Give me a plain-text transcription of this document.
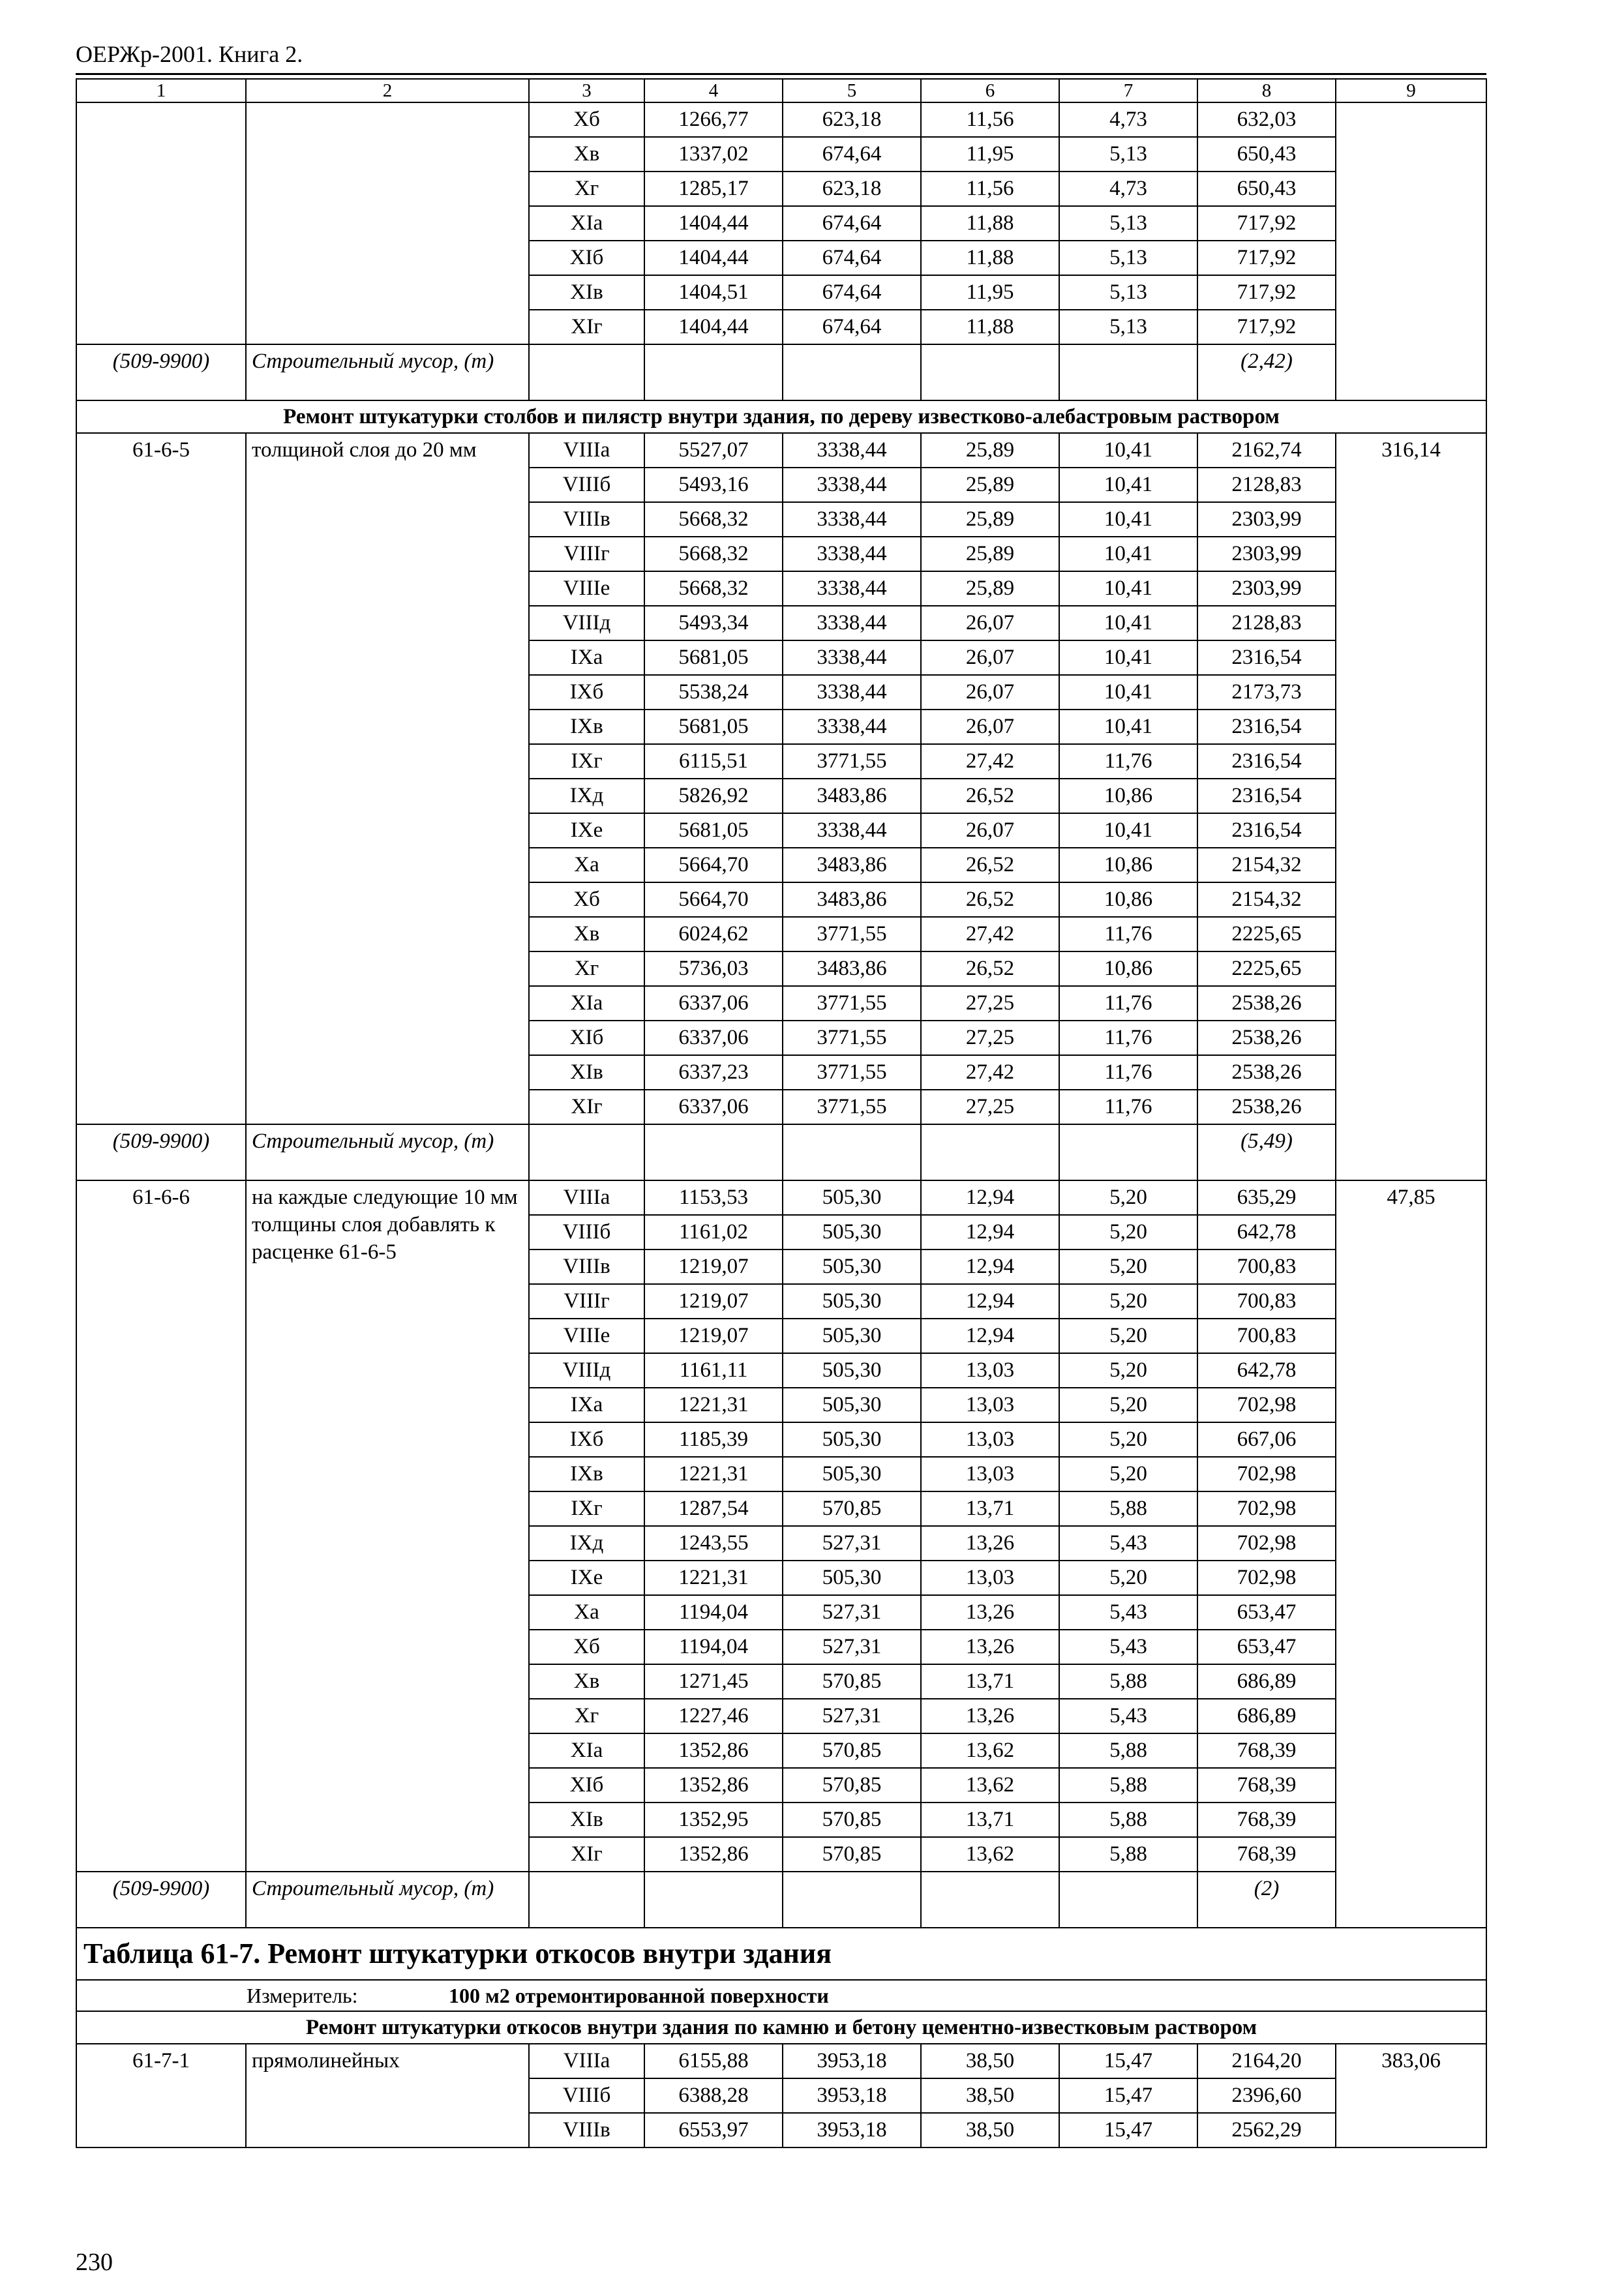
ОЕРЖр-2001. Книга 2.
1	2	3	4	5	6	7	8	9
		Хб	1266,77	623,18	11,56	4,73	632,03	
		Хв	1337,02	674,64	11,95	5,13	650,43	
		Хг	1285,17	623,18	11,56	4,73	650,43	
		ХIа	1404,44	674,64	11,88	5,13	717,92	
		ХIб	1404,44	674,64	11,88	5,13	717,92	
		ХIв	1404,51	674,64	11,95	5,13	717,92	
		ХIг	1404,44	674,64	11,88	5,13	717,92	
(509-9900)	Строительный мусор, (т)						(2,42)	
Ремонт штукатурки столбов и пилястр внутри здания, по дереву известково-алебастровым раствором								
61-6-5	толщиной слоя до 20 мм	VIIIа	5527,07	3338,44	25,89	10,41	2162,74	316,14
		VIIIб	5493,16	3338,44	25,89	10,41	2128,83	
		VIIIв	5668,32	3338,44	25,89	10,41	2303,99	
		VIIIг	5668,32	3338,44	25,89	10,41	2303,99	
		VIIIе	5668,32	3338,44	25,89	10,41	2303,99	
		VIIIд	5493,34	3338,44	26,07	10,41	2128,83	
		IХа	5681,05	3338,44	26,07	10,41	2316,54	
		IХб	5538,24	3338,44	26,07	10,41	2173,73	
		IХв	5681,05	3338,44	26,07	10,41	2316,54	
		IХг	6115,51	3771,55	27,42	11,76	2316,54	
		IХд	5826,92	3483,86	26,52	10,86	2316,54	
		IХе	5681,05	3338,44	26,07	10,41	2316,54	
		Ха	5664,70	3483,86	26,52	10,86	2154,32	
		Хб	5664,70	3483,86	26,52	10,86	2154,32	
		Хв	6024,62	3771,55	27,42	11,76	2225,65	
		Хг	5736,03	3483,86	26,52	10,86	2225,65	
		ХIа	6337,06	3771,55	27,25	11,76	2538,26	
		ХIб	6337,06	3771,55	27,25	11,76	2538,26	
		ХIв	6337,23	3771,55	27,42	11,76	2538,26	
		ХIг	6337,06	3771,55	27,25	11,76	2538,26	
(509-9900)	Строительный мусор, (т)						(5,49)	
61-6-6	на каждые следующие 10 мм толщины слоя добавлять к расценке 61-6-5	VIIIа	1153,53	505,30	12,94	5,20	635,29	47,85
		VIIIб	1161,02	505,30	12,94	5,20	642,78	
		VIIIв	1219,07	505,30	12,94	5,20	700,83	
		VIIIг	1219,07	505,30	12,94	5,20	700,83	
		VIIIе	1219,07	505,30	12,94	5,20	700,83	
		VIIIд	1161,11	505,30	13,03	5,20	642,78	
		IХа	1221,31	505,30	13,03	5,20	702,98	
		IХб	1185,39	505,30	13,03	5,20	667,06	
		IХв	1221,31	505,30	13,03	5,20	702,98	
		IХг	1287,54	570,85	13,71	5,88	702,98	
		IХд	1243,55	527,31	13,26	5,43	702,98	
		IХе	1221,31	505,30	13,03	5,20	702,98	
		Ха	1194,04	527,31	13,26	5,43	653,47	
		Хб	1194,04	527,31	13,26	5,43	653,47	
		Хв	1271,45	570,85	13,71	5,88	686,89	
		Хг	1227,46	527,31	13,26	5,43	686,89	
		ХIа	1352,86	570,85	13,62	5,88	768,39	
		ХIб	1352,86	570,85	13,62	5,88	768,39	
		ХIв	1352,95	570,85	13,71	5,88	768,39	
		ХIг	1352,86	570,85	13,62	5,88	768,39	
(509-9900)	Строительный мусор, (т)						(2)	
Таблица 61-7. Ремонт штукатурки откосов внутри здания								
Измеритель: 100 м2 отремонтированной поверхности								
Ремонт штукатурки откосов внутри здания по камню и бетону цементно-известковым раствором								
61-7-1	прямолинейных	VIIIа	6155,88	3953,18	38,50	15,47	2164,20	383,06
		VIIIб	6388,28	3953,18	38,50	15,47	2396,60	
		VIIIв	6553,97	3953,18	38,50	15,47	2562,29	
230
